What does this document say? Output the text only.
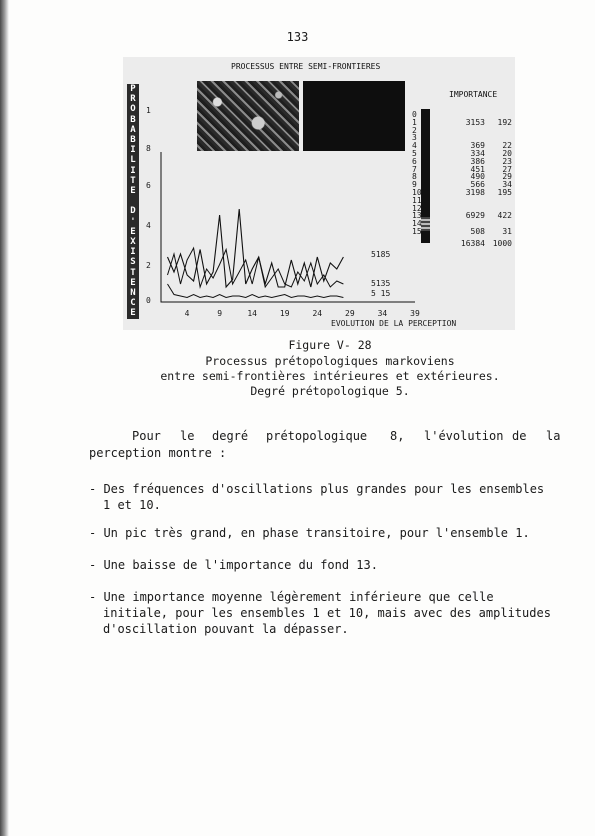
133
PROCESSUS ENTRE SEMI-FRONTIERES
IMPORTANCE
P
R
O
B
A
B
I
L
I
T
E

D
'
E
X
I
S
T
E
N
C
E
EVOLUTION DE LA PERCEPTION
5185
5135
5 15
0
1	3153	192
2
3
4	369	22
5	334	20
6	386	23
7	451	27
8	490	29
9	566	34
10	3198	195
11
12
13	6929	422
14
15	508	31
16384 1000
4	9	14	19	24	29	34	39
1
8
6
4
2
0
Figure V- 28
Processus prétopologiques markoviens
entre semi-frontières intérieures et extérieures.
Degré prétopologique 5.
Pour le degré prétopologique 8, l'évolution de la
perception montre :
- Des fréquences d'oscillations plus grandes pour les ensembles
1 et 10.
- Un pic très grand, en phase transitoire, pour l'ensemble 1.
- Une baisse de l'importance du fond 13.
- Une importance moyenne légèrement inférieure que celle
initiale, pour les ensembles 1 et 10, mais avec des amplitudes
d'oscillation pouvant la dépasser.
